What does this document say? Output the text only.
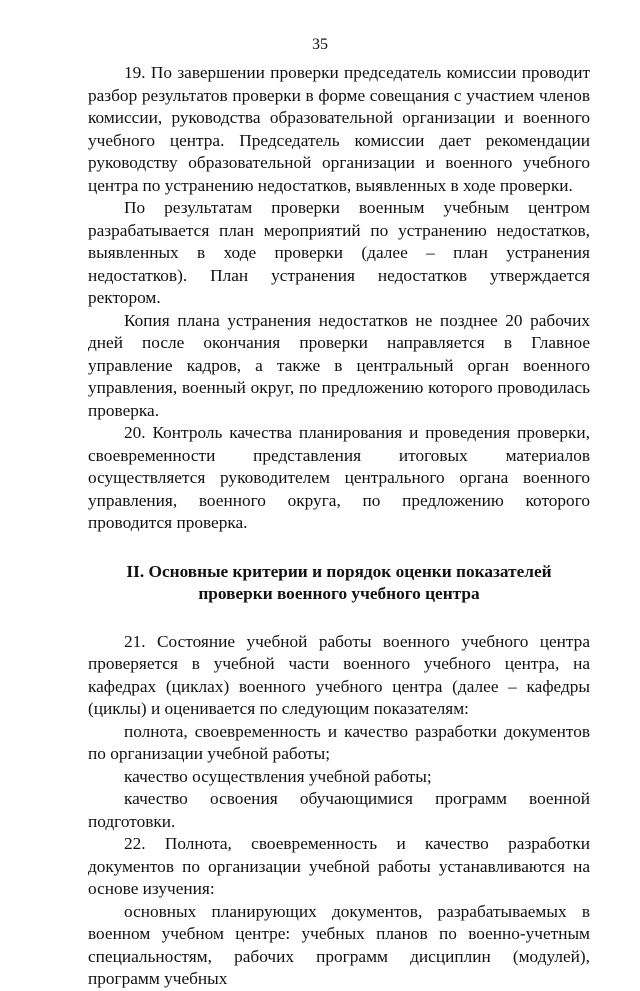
35

19. По завершении проверки председатель комиссии проводит разбор результатов проверки в форме совещания с участием членов комиссии, руководства образовательной организации и военного учебного центра. Председатель комиссии дает рекомендации руководству образовательной организации и военного учебного центра по устранению недостатков, выявленных в ходе проверки.

По результатам проверки военным учебным центром разрабатывается план мероприятий по устранению недостатков, выявленных в ходе проверки (далее – план устранения недостатков). План устранения недостатков утверждается ректором.

Копия плана устранения недостатков не позднее 20 рабочих дней после окончания проверки направляется в Главное управление кадров, а также в центральный орган военного управления, военный округ, по предложению которого проводилась проверка.

20. Контроль качества планирования и проведения проверки, своевременности представления итоговых материалов осуществляется руководителем центрального органа военного управления, военного округа, по предложению которого проводится проверка.

II. Основные критерии и порядок оценки показателей
проверки военного учебного центра

21. Состояние учебной работы военного учебного центра проверяется в учебной части военного учебного центра, на кафедрах (циклах) военного учебного центра (далее – кафедры (циклы) и оценивается по следующим показателям:

полнота, своевременность и качество разработки документов по организации учебной работы;

качество осуществления учебной работы;

качество освоения обучающимися программ военной подготовки.

22. Полнота, своевременность и качество разработки документов по организации учебной работы устанавливаются на основе изучения:

основных планирующих документов, разрабатываемых в военном учебном центре: учебных планов по военно-учетным специальностям, рабочих программ дисциплин (модулей), программ учебных
